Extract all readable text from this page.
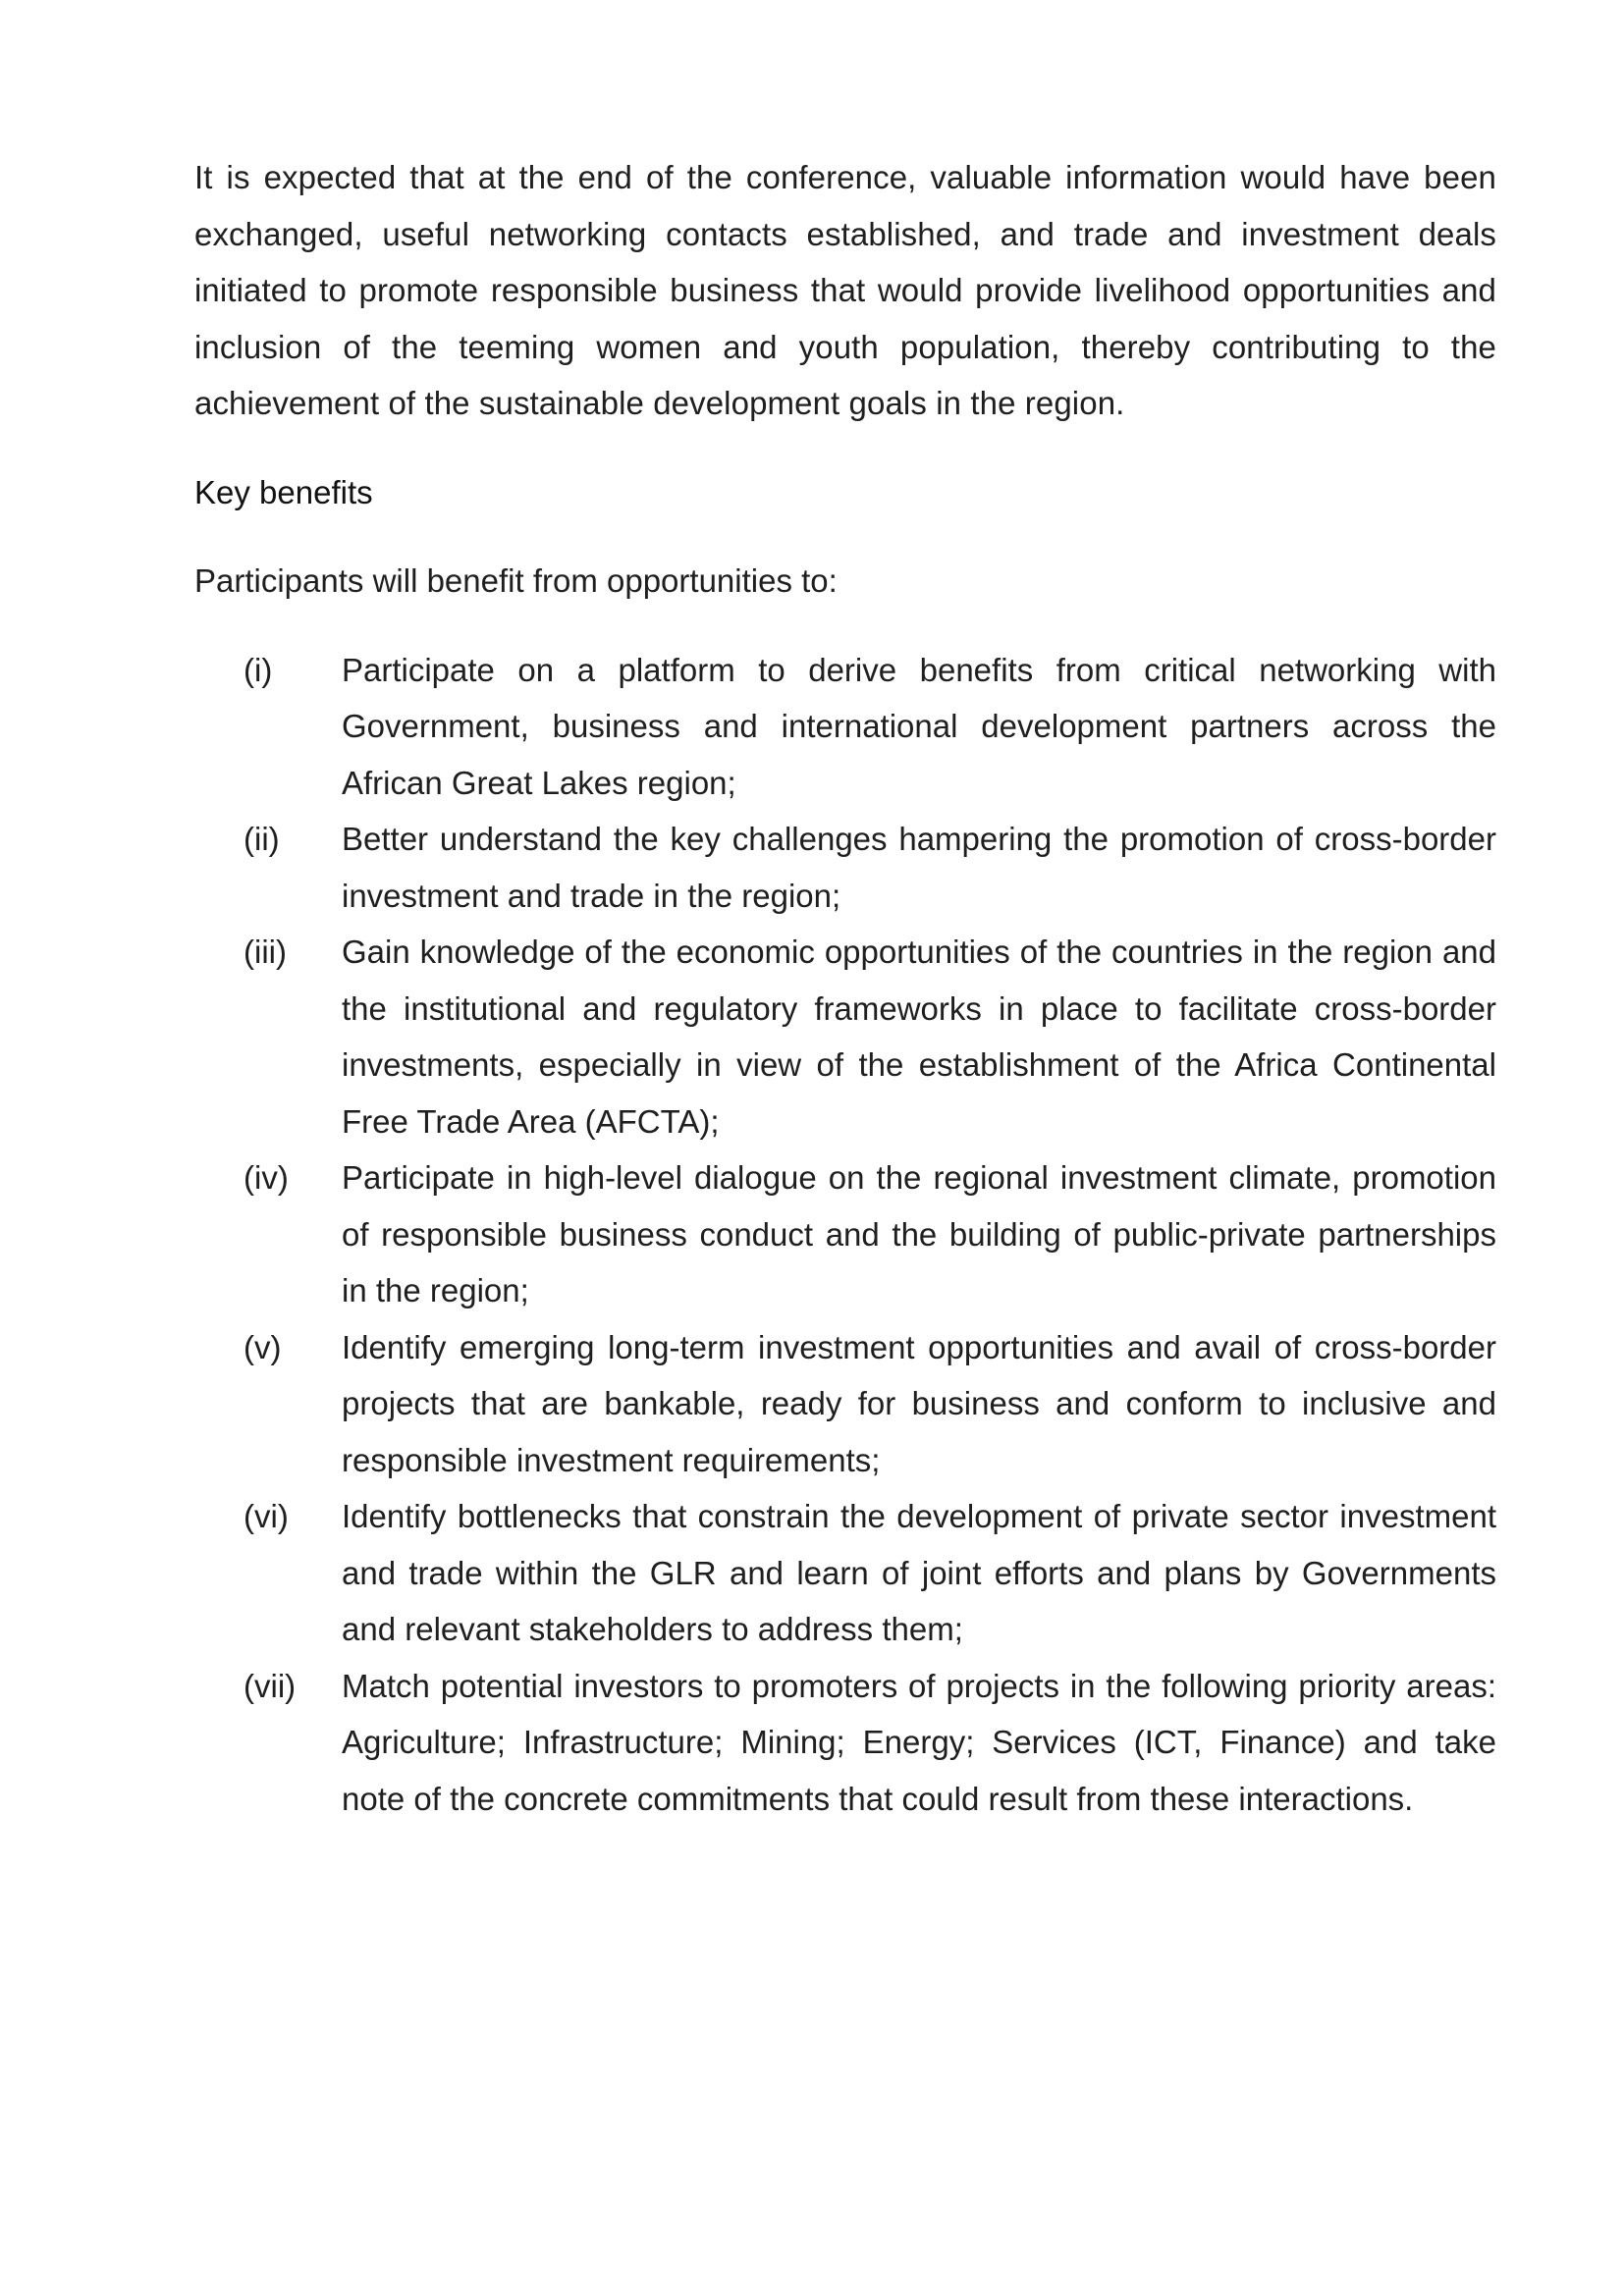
It is expected that at the end of the conference, valuable information would have been exchanged, useful networking contacts established, and trade and investment deals initiated to promote responsible business that would provide livelihood opportunities and inclusion of the teeming women and youth population, thereby contributing to the achievement of the sustainable development goals in the region.

Key benefits

Participants will benefit from opportunities to:

(i)	Participate on a platform to derive benefits from critical networking with Government, business and international development partners across the African Great Lakes region;

(ii)	Better understand the key challenges hampering the promotion of cross-border investment and trade in the region;

(iii)	Gain knowledge of the economic opportunities of the countries in the region and the institutional and regulatory frameworks in place to facilitate cross-border investments, especially in view of the establishment of the Africa Continental Free Trade Area (AFCTA);

(iv)	Participate in high-level dialogue on the regional investment climate, promotion of responsible business conduct and the building of public-private partnerships in the region;

(v)	Identify emerging long-term investment opportunities and avail of cross-border projects that are bankable, ready for business and conform to inclusive and responsible investment requirements;

(vi)	Identify bottlenecks that constrain the development of private sector investment and trade within the GLR and learn of joint efforts and plans by Governments and relevant stakeholders to address them;

(vii)	Match potential investors to promoters of projects in the following priority areas: Agriculture; Infrastructure; Mining; Energy; Services (ICT, Finance) and take note of the concrete commitments that could result from these interactions.
